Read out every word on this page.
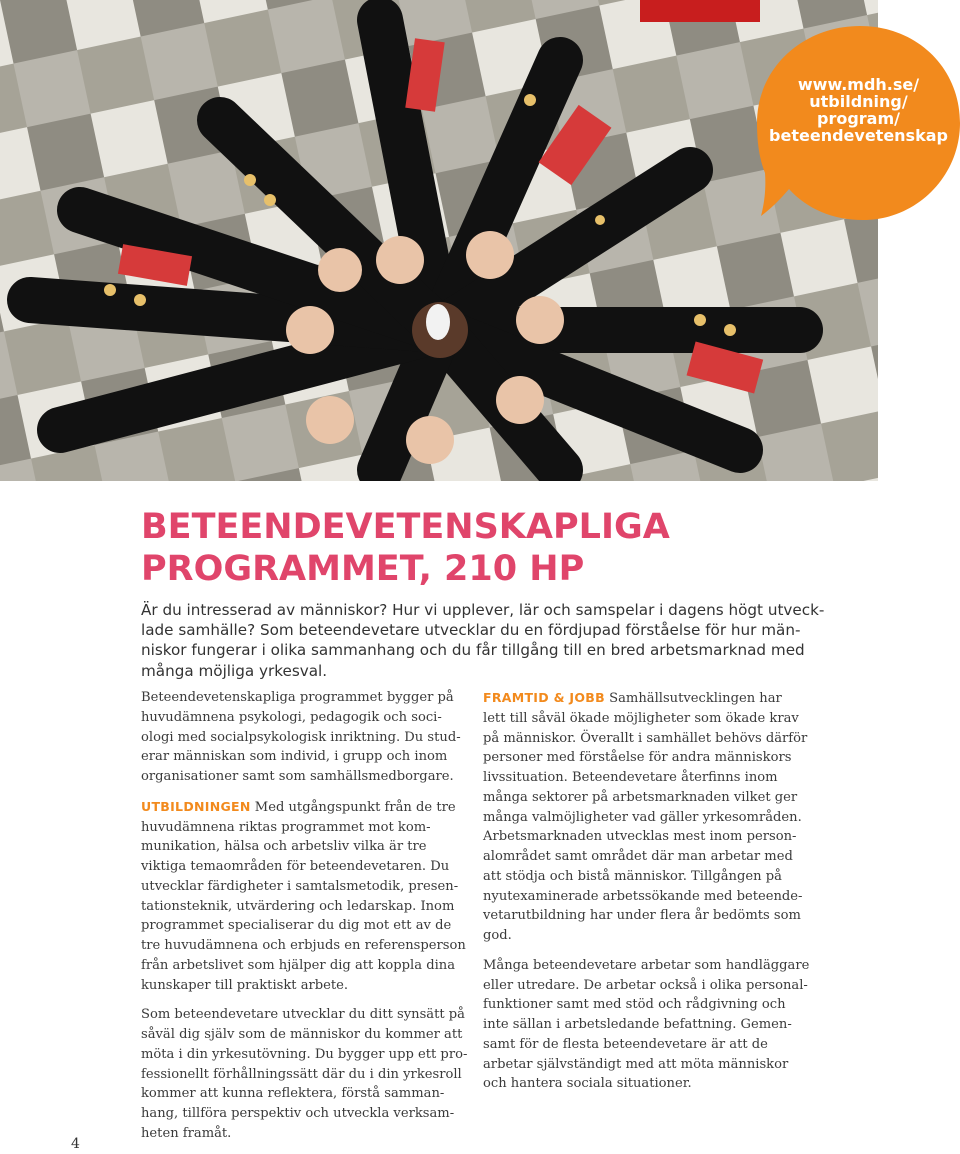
www.mdh.se/
utbildning/
program/
beteendevetenskap
BETEENDEVETENSKAPLIGA
PROGRAMMET, 210 HP
Är du intresserad av människor? Hur vi upplever, lär och samspelar i dagens högt utveck-
lade samhälle? Som beteendevetare utvecklar du en fördjupad förståelse för hur män-
niskor fungerar i olika sammanhang och du får tillgång till en bred arbetsmarknad med
många möjliga yrkesval.

Beteendevetenskapliga programmet bygger på
huvudämnena psykologi, pedagogik och soci-
ologi med socialpsykologisk inriktning. Du stud-
erar människan som individ, i grupp och inom
organisationer samt som samhällsmedborgare.

UTBILDNINGEN Med utgångspunkt från de tre
huvudämnena riktas programmet mot kom-
munikation, hälsa och arbetsliv vilka är tre
viktiga temaområden för beteendevetaren. Du
utvecklar färdigheter i samtalsmetodik, presen-
tationsteknik, utvärdering och ledarskap. Inom
programmet specialiserar du dig mot ett av de
tre huvudämnena och erbjuds en referensperson
från arbetslivet som hjälper dig att koppla dina
kunskaper till praktiskt arbete.

Som beteendevetare utvecklar du ditt synsätt på
såväl dig själv som de människor du kommer att
möta i din yrkesutövning. Du bygger upp ett pro-
fessionellt förhållningssätt där du i din yrkesroll
kommer att kunna reflektera, förstå samman-
hang, tillföra perspektiv och utveckla verksam-
heten framåt.

FRAMTID & JOBB Samhällsutvecklingen har
lett till såväl ökade möjligheter som ökade krav
på människor. Överallt i samhället behövs därför
personer med förståelse för andra människors
livssituation. Beteendevetare återfinns inom
många sektorer på arbetsmarknaden vilket ger
många valmöjligheter vad gäller yrkesområden.
Arbetsmarknaden utvecklas mest inom person-
alområdet samt området där man arbetar med
att stödja och bistå människor. Tillgången på
nyutexaminerade arbetssökande med beteende-
vetarutbildning har under flera år bedömts som
god.

Många beteendevetare arbetar som handläggare
eller utredare. De arbetar också i olika personal-
funktioner samt med stöd och rådgivning och
inte sällan i arbetsledande befattning. Gemen-
samt för de flesta beteendevetare är att de
arbetar självständigt med att möta människor
och hantera sociala situationer.

4
